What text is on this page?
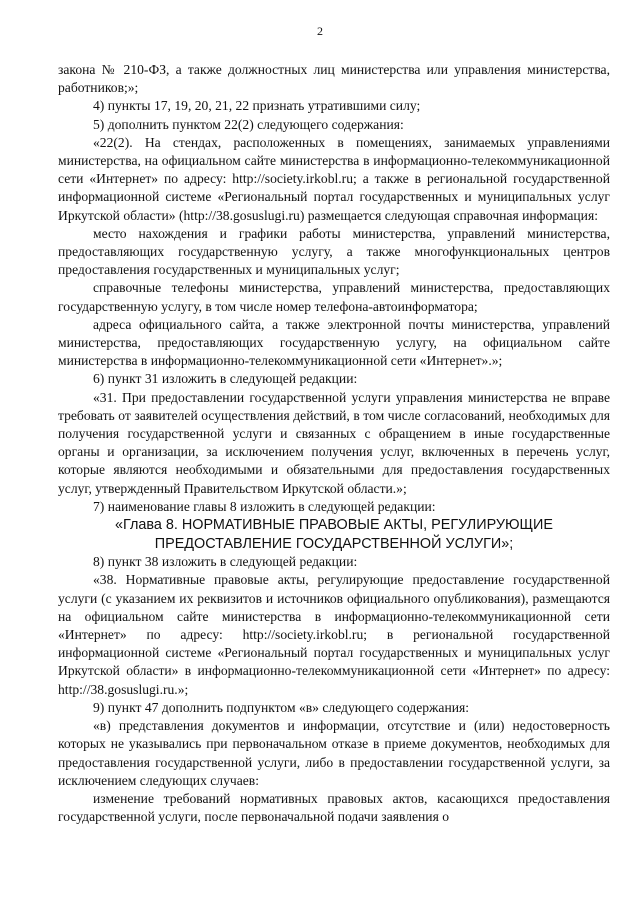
2

закона № 210-ФЗ, а также должностных лиц министерства или управления министерства, работников;»;

4) пункты 17, 19, 20, 21, 22 признать утратившими силу;

5) дополнить пунктом 22(2) следующего содержания:

«22(2). На стендах, расположенных в помещениях, занимаемых управлениями министерства, на официальном сайте министерства в информационно-телекоммуникационной сети «Интернет» по адресу: http://society.irkobl.ru; а также в региональной государственной информационной системе «Региональный портал государственных и муниципальных услуг Иркутской области» (http://38.gosuslugi.ru) размещается следующая справочная информация:

место нахождения и графики работы министерства, управлений министерства, предоставляющих государственную услугу, а также многофункциональных центров предоставления государственных и муниципальных услуг;

справочные телефоны министерства, управлений министерства, предоставляющих государственную услугу, в том числе номер телефона-автоинформатора;

адреса официального сайта, а также электронной почты министерства, управлений министерства, предоставляющих государственную услугу, на официальном сайте министерства в информационно-телекоммуникационной сети «Интернет».»;

6) пункт 31 изложить в следующей редакции:

«31. При предоставлении государственной услуги управления министерства не вправе требовать от заявителей осуществления действий, в том числе согласований, необходимых для получения государственной услуги и связанных с обращением в иные государственные органы и организации, за исключением получения услуг, включенных в перечень услуг, которые являются необходимыми и обязательными для предоставления государственных услуг, утвержденный Правительством Иркутской области.»;

7) наименование главы 8 изложить в следующей редакции:

«Глава 8. НОРМАТИВНЫЕ ПРАВОВЫЕ АКТЫ, РЕГУЛИРУЮЩИЕ

ПРЕДОСТАВЛЕНИЕ ГОСУДАРСТВЕННОЙ УСЛУГИ»;

8) пункт 38 изложить в следующей редакции:

«38. Нормативные правовые акты, регулирующие предоставление государственной услуги (с указанием их реквизитов и источников официального опубликования), размещаются на официальном сайте министерства в информационно-телекоммуникационной сети «Интернет» по адресу: http://society.irkobl.ru; в региональной государственной информационной системе «Региональный портал государственных и муниципальных услуг Иркутской области» в информационно-телекоммуникационной сети «Интернет» по адресу: http://38.gosuslugi.ru.»;

9) пункт 47 дополнить подпунктом «в» следующего содержания:

«в) представления документов и информации, отсутствие и (или) недостоверность которых не указывались при первоначальном отказе в приеме документов, необходимых для предоставления государственной услуги, либо в предоставлении государственной услуги, за исключением следующих случаев:

изменение требований нормативных правовых актов, касающихся предоставления государственной услуги, после первоначальной подачи заявления о
